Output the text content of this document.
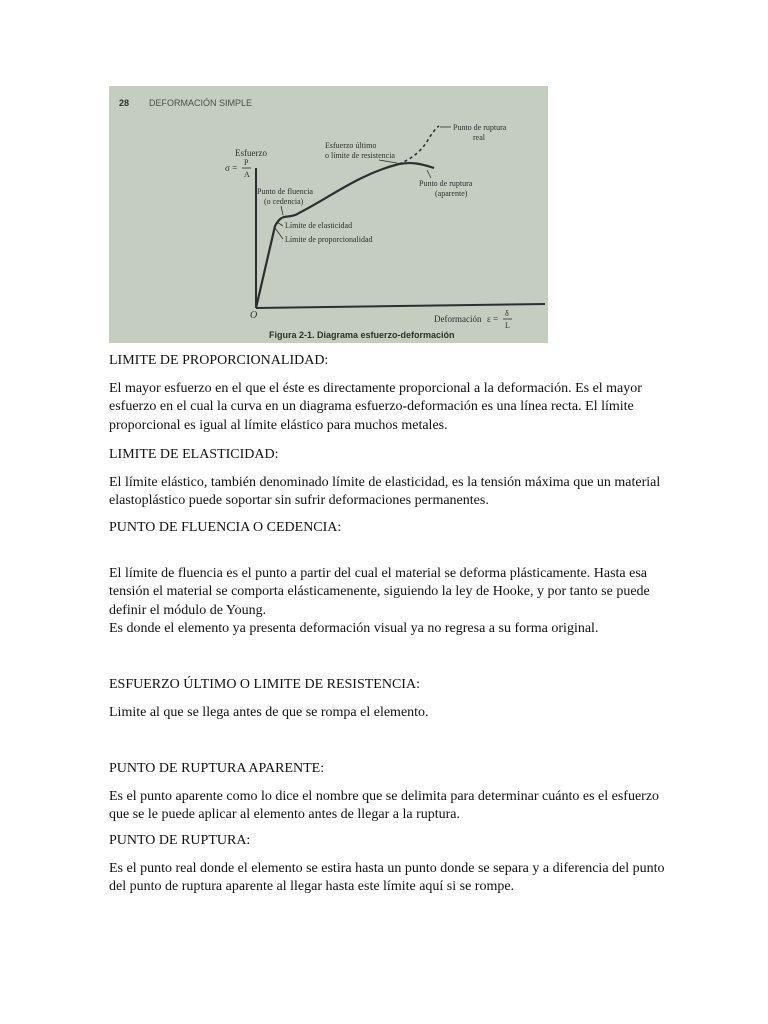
28 DEFORMACIÓN SIMPLE
Esfuerzo
σ =
P
A
O	Deformación ε =
δ
L
Esfuerzo último
o límite de resistencia
Punto de ruptura
real
Punto de ruptura
(aparente)
Punto de fluencia
(o cedencia)
Límite de elasticidad
Límite de proporcionalidad
Figura 2-1. Diagrama esfuerzo-deformación
LIMITE DE PROPORCIONALIDAD:
El mayor esfuerzo en el que el éste es directamente proporcional a la deformación. Es el mayor esfuerzo en el cual la curva en un diagrama esfuerzo-deformación es una línea recta. El límite proporcional es igual al límite elástico para muchos metales.
LIMITE DE ELASTICIDAD:
El límite elástico, también denominado límite de elasticidad, es la tensión máxima que un material elastoplástico puede soportar sin sufrir deformaciones permanentes.
PUNTO DE FLUENCIA O CEDENCIA:
El límite de fluencia es el punto a partir del cual el material se deforma plásticamente. Hasta esa tensión el material se comporta elásticamenente, siguiendo la ley de Hooke, y por tanto se puede definir el módulo de Young.
Es donde el elemento ya presenta deformación visual ya no regresa a su forma original.
ESFUERZO ÚLTIMO O LIMITE DE RESISTENCIA:
Limite al que se llega antes de que se rompa el elemento.
PUNTO DE RUPTURA APARENTE:
Es el punto aparente como lo dice el nombre que se delimita para determinar cuánto es el esfuerzo que se le puede aplicar al elemento antes de llegar a la ruptura.
PUNTO DE RUPTURA:
Es el punto real donde el elemento se estira hasta un punto donde se separa y a diferencia del punto del punto de ruptura aparente al llegar hasta este límite aquí si se rompe.
